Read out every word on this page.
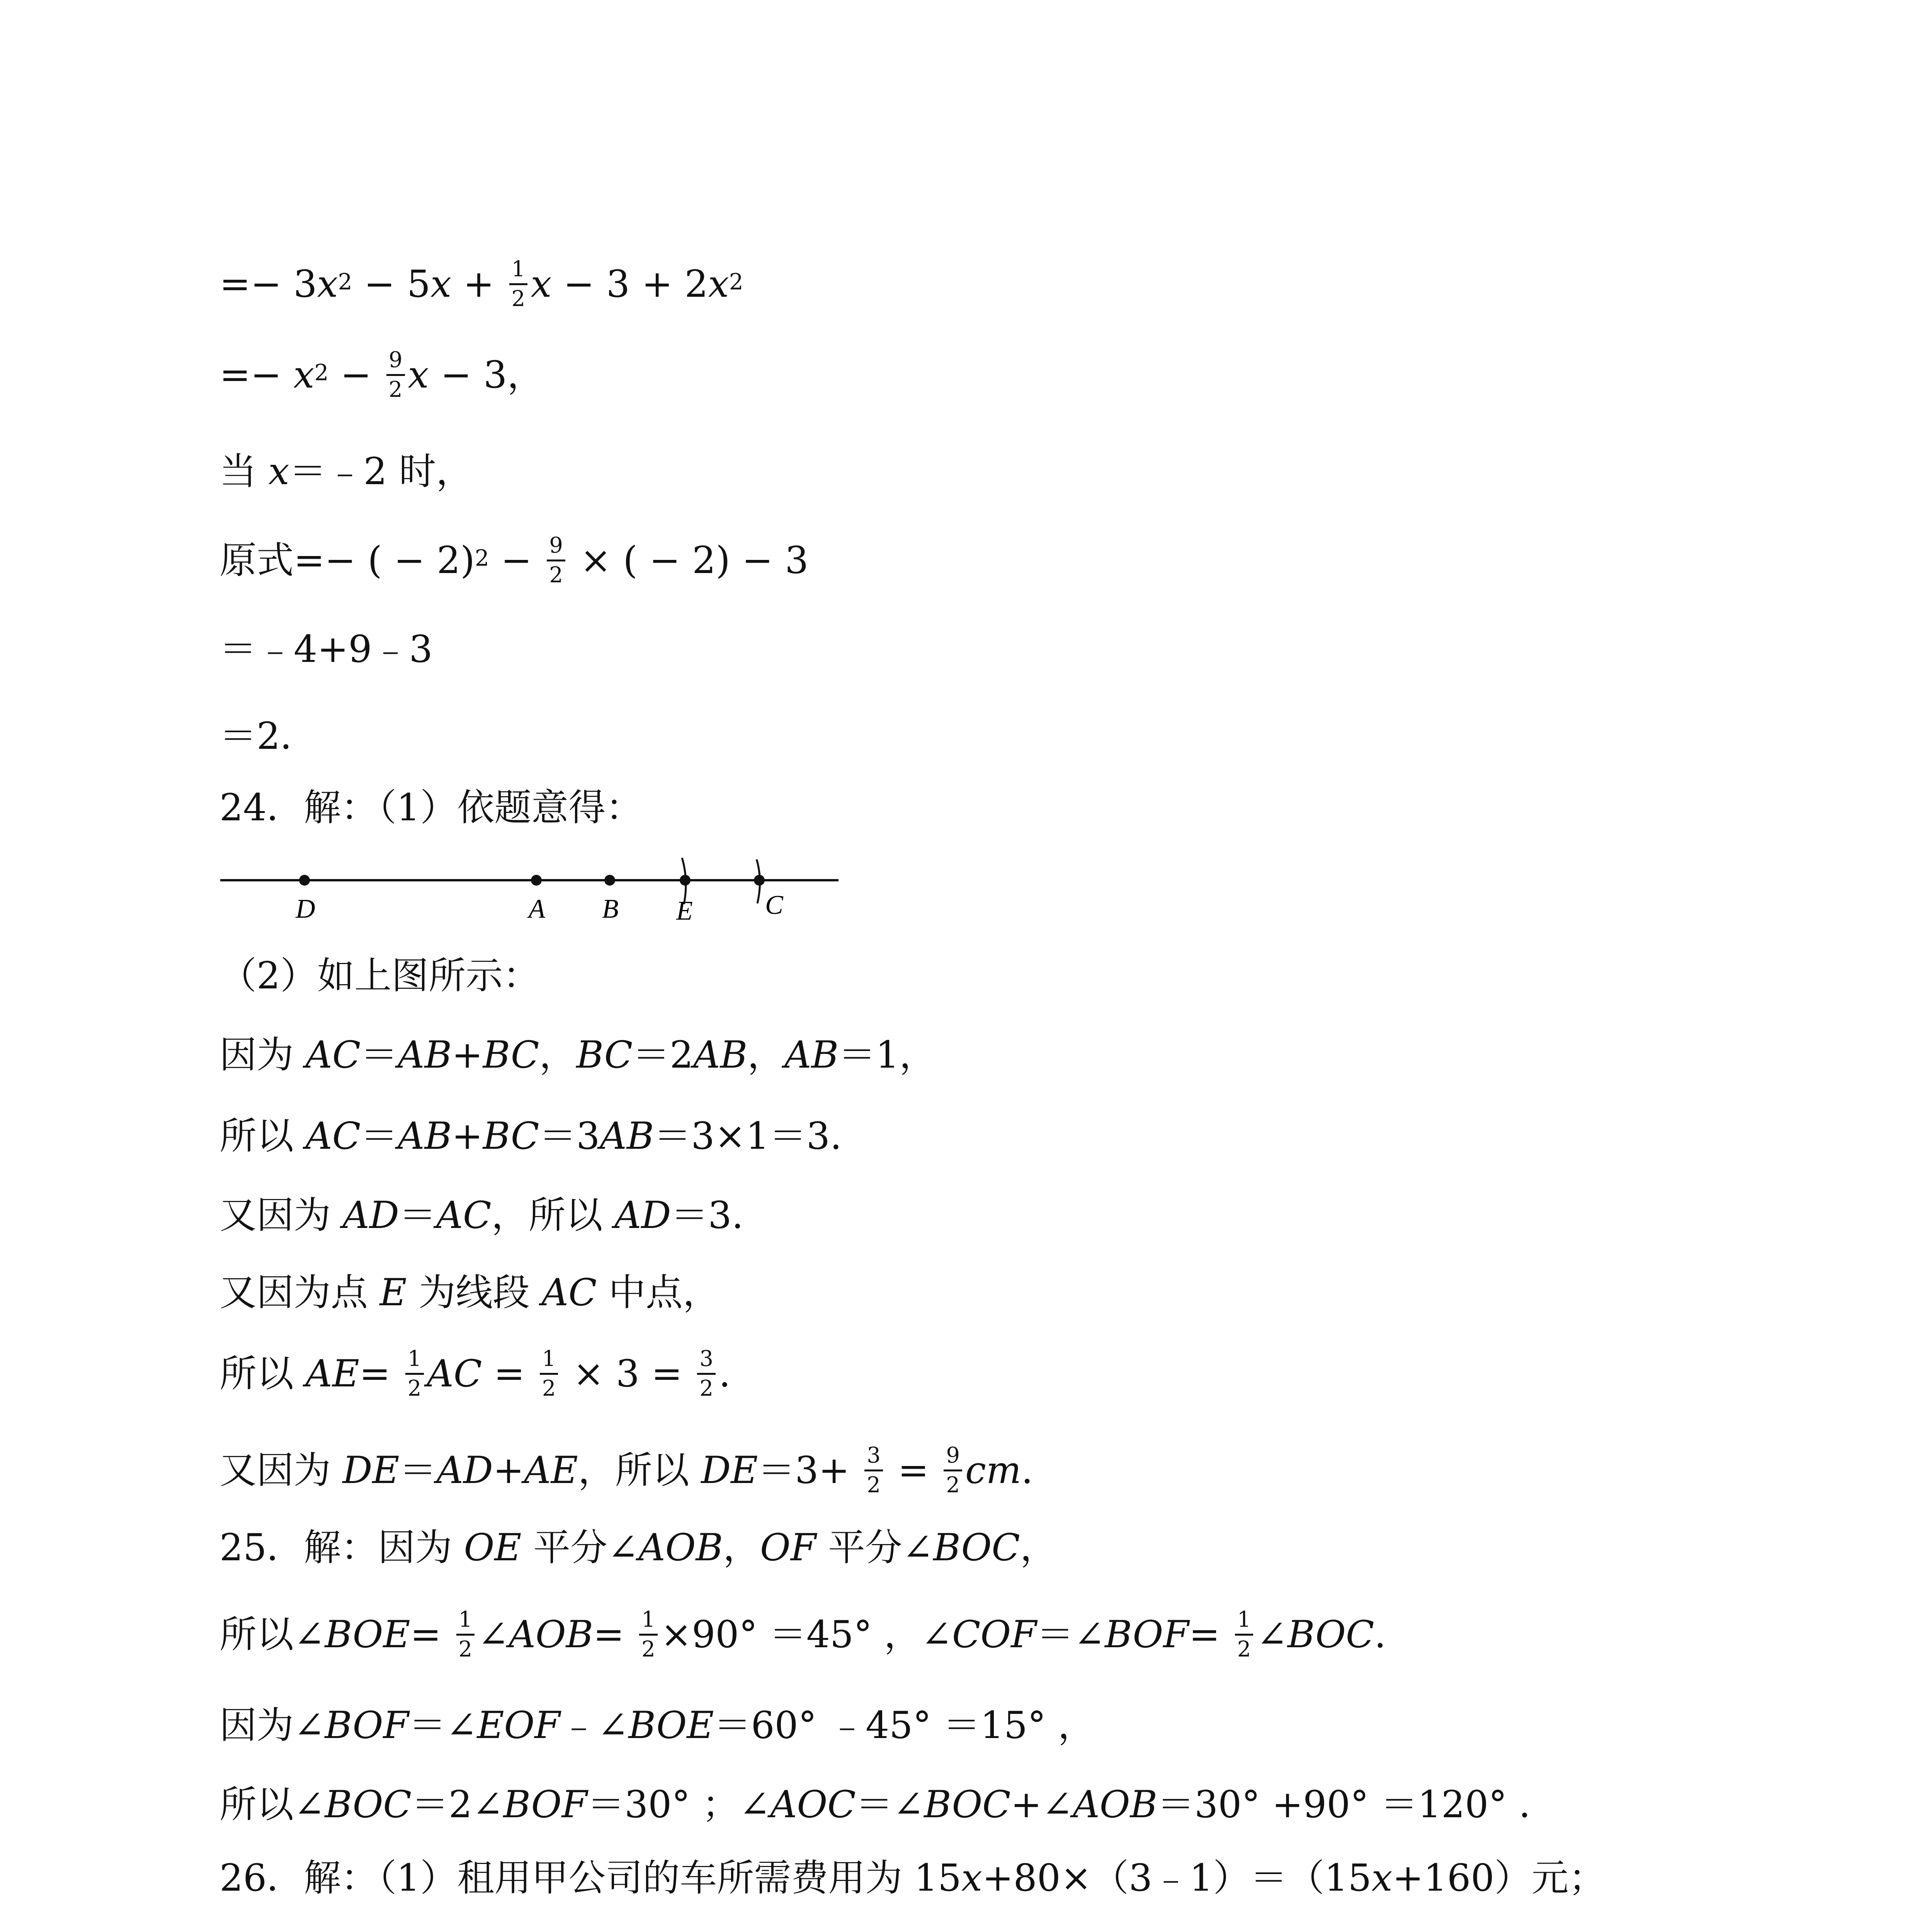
=− 3 $x^2 - 5$ $x + \frac{1}{2}$ x − 3 + 2 $x^2$
=− $x^2 - \frac{9}{2}$ x − 3，
当 x ＝﹣2 时，
原式=− ( − $2)^2 - \frac{9}{2}$ × ( − 2) − 3
＝﹣4+9﹣3
＝2．
24．解：（1）依题意得：
（2）如上图所示：
因为 AC ＝ AB + BC ， BC ＝2 AB ， AB ＝1，
所以 AC ＝ AB + BC ＝3 AB ＝3×1＝3.
又因为 AD ＝ AC ，所以 AD ＝3.
又因为点 E 为线段 AC 中点，
所以 AE = $\frac{1}{2}$ AC = $\frac{1}{2} \times 3 = \frac{3}{2}$ .
又因为 DE ＝ AD + AE ，所以 DE $=3+ \frac{3}{2} = \frac{9}{2}$ cm .
25．解：因为 OE 平分∠ AOB ， OF 平分∠ BOC ，
所以∠ BOE = $\frac{1}{2}$ ∠ AOB = $\frac{1}{2} \times 90^\circ =45^\circ$ ，∠ COF ＝∠ BOF = $\frac{1}{2}$ ∠ BOC .
因为∠ BOF ＝∠ EOF ﹣∠ BOE ＝60° ﹣45° ＝15° ，
所以∠ BOC ＝2∠ BOF ＝30° ；∠ AOC ＝∠ BOC +∠ AOB ＝30° +90° ＝120° ．
26．解：（1）租用甲公司的车所需费用为 15 x +80×（3﹣1）＝（15 x +160）元；
D	A B E	C
